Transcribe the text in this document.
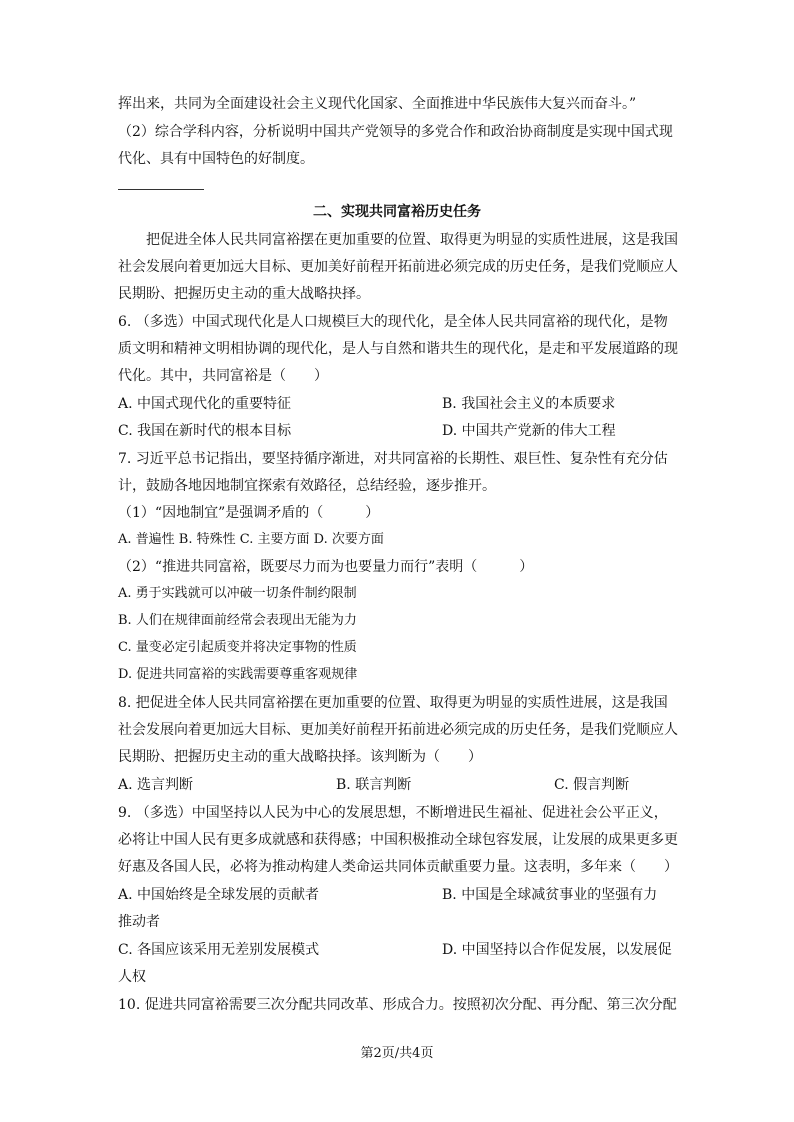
挥出来，共同为全面建设社会主义现代化国家、全面推进中华民族伟大复兴而奋斗。”
（2）综合学科内容，分析说明中国共产党领导的多党合作和政治协商制度是实现中国式现
代化、具有中国特色的好制度。
二、实现共同富裕历史任务
把促进全体人民共同富裕摆在更加重要的位置、取得更为明显的实质性进展，这是我国
社会发展向着更加远大目标、更加美好前程开拓前进必须完成的历史任务，是我们党顺应人
民期盼、把握历史主动的重大战略抉择。
6. （多选）中国式现代化是人口规模巨大的现代化，是全体人民共同富裕的现代化，是物
质文明和精神文明相协调的现代化，是人与自然和谐共生的现代化，是走和平发展道路的现
代化。其中，共同富裕是（　　）
A. 中国式现代化的重要特征	B. 我国社会主义的本质要求
C. 我国在新时代的根本目标	D. 中国共产党新的伟大工程
7. 习近平总书记指出，要坚持循序渐进，对共同富裕的长期性、艰巨性、复杂性有充分估
计，鼓励各地因地制宜探索有效路径，总结经验，逐步推开。
（1）“因地制宜”是强调矛盾的（　　　）
A. 普遍性 B. 特殊性 C. 主要方面 D. 次要方面
（2）“推进共同富裕，既要尽力而为也要量力而行”表明（　　　）
A. 勇于实践就可以冲破一切条件制约限制
B. 人们在规律面前经常会表现出无能为力
C. 量变必定引起质变并将决定事物的性质
D. 促进共同富裕的实践需要尊重客观规律
8. 把促进全体人民共同富裕摆在更加重要的位置、取得更为明显的实质性进展，这是我国
社会发展向着更加远大目标、更加美好前程开拓前进必须完成的历史任务，是我们党顺应人
民期盼、把握历史主动的重大战略抉择。该判断为（　　）
A. 选言判断	B. 联言判断	C. 假言判断
9. （多选）中国坚持以人民为中心的发展思想，不断增进民生福祉、促进社会公平正义，
必将让中国人民有更多成就感和获得感；中国积极推动全球包容发展，让发展的成果更多更
好惠及各国人民，必将为推动构建人类命运共同体贡献重要力量。这表明，多年来（　　）
A. 中国始终是全球发展的贡献者	B. 中国是全球减贫事业的坚强有力
推动者
C. 各国应该采用无差别发展模式	D. 中国坚持以合作促发展，以发展促
人权
10. 促进共同富裕需要三次分配共同改革、形成合力。按照初次分配、再分配、第三次分配
第2页/共4页
